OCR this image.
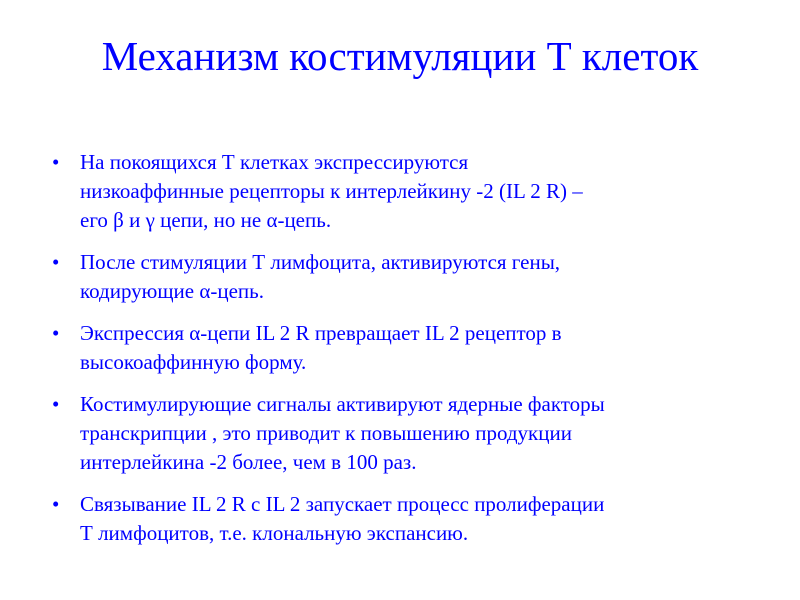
Механизм костимуляции Т клеток
• На покоящихся Т клетках экспрессируются
низкоаффинные рецепторы к интерлейкину -2 (IL 2 R) –
его β и γ цепи, но не α-цепь.
• После стимуляции Т лимфоцита, активируются гены,
кодирующие α-цепь.
• Экспрессия α-цепи IL 2 R превращает IL 2 рецептор в
высокоаффинную форму.
• Костимулирующие сигналы активируют ядерные факторы
транскрипции , это приводит к повышению продукции
интерлейкина -2 более, чем в 100 раз.
• Связывание IL 2 R с IL 2 запускает процесс пролиферации
Т лимфоцитов, т.е. клональную экспансию.
